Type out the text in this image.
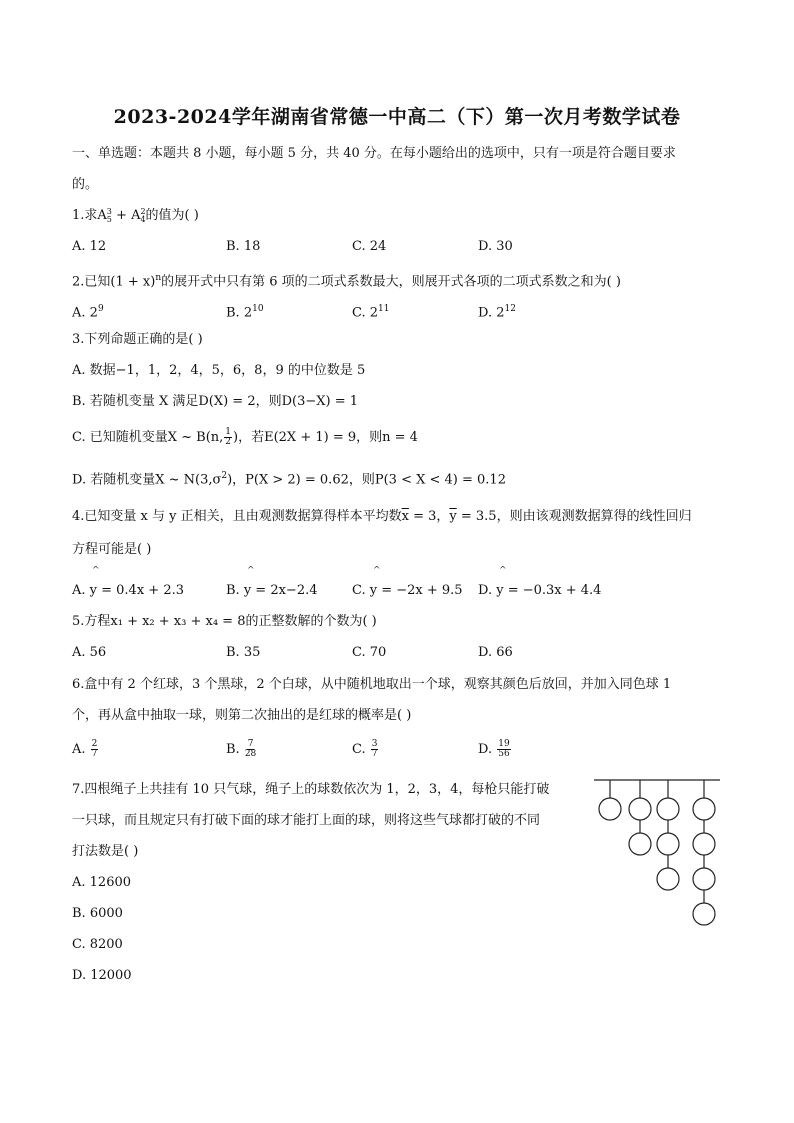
2023-2024学年湖南省常德一中高二（下）第一次月考数学试卷
一、单选题：本题共 8 小题，每小题 5 分，共 40 分。在每小题给出的选项中，只有一项是符合题目要求
的。
1.求A 3
5 + A 2
4 的值为( )
A. 12	B. 18	C. 24	D. 30
2.已知$(1 + x)^n$的展开式中只有第 6 项的二项式系数最大，则展开式各项的二项式系数之和为( )
A. $2^9$	B. $2^{10}$	C. $2^{11}$	D. $2^{12}$
3.下列命题正确的是( )
A. 数据−1，1，2，4，5，6，8，9 的中位数是 5
B. 若随机变量 X 满足D(X) = 2，则D(3−X) = 1
C. 已知随机变量X ~ B(n, $\frac{1}{2}$ )，若E(2X + 1) = 9，则n = 4
D. 若随机变量X ~ $N(3,\sigma^2)$，P(X > 2) = 0.62，则P(3 < X < 4) = 0.12
4.已知变量 x 与 y 正相关，且由观测数据算得样本平均数$\overline{x} = 3$，$\overline{y} = 3.5$，则由该观测数据算得的线性回归
方程可能是( )
^	^	^	^
A. y = 0.4x + 2.3	B. y = 2x−2.4	C. y = −2x + 9.5 D. y = −0.3x + 4.4
5.方程x₁ + x₂ + x₃ + x₄ = 8的正整数解的个数为( )
A. 56	B. 35	C. 70	D. 66
6.盒中有 2 个红球，3 个黑球，2 个白球，从中随机地取出一个球，观察其颜色后放回，并加入同色球 1
个，再从盒中抽取一球，则第二次抽出的是红球的概率是( )
A. $\frac{2}{7}$	B. $\frac{7}{28}$	C. $\frac{3}{7}$	D. $\frac{19}{56}$
7.四根绳子上共挂有 10 只气球，绳子上的球数依次为 1，2，3，4，每枪只能打破
一只球，而且规定只有打破下面的球才能打上面的球，则将这些气球都打破的不同
打法数是( )
A. 12600
B. 6000
C. 8200
D. 12000
